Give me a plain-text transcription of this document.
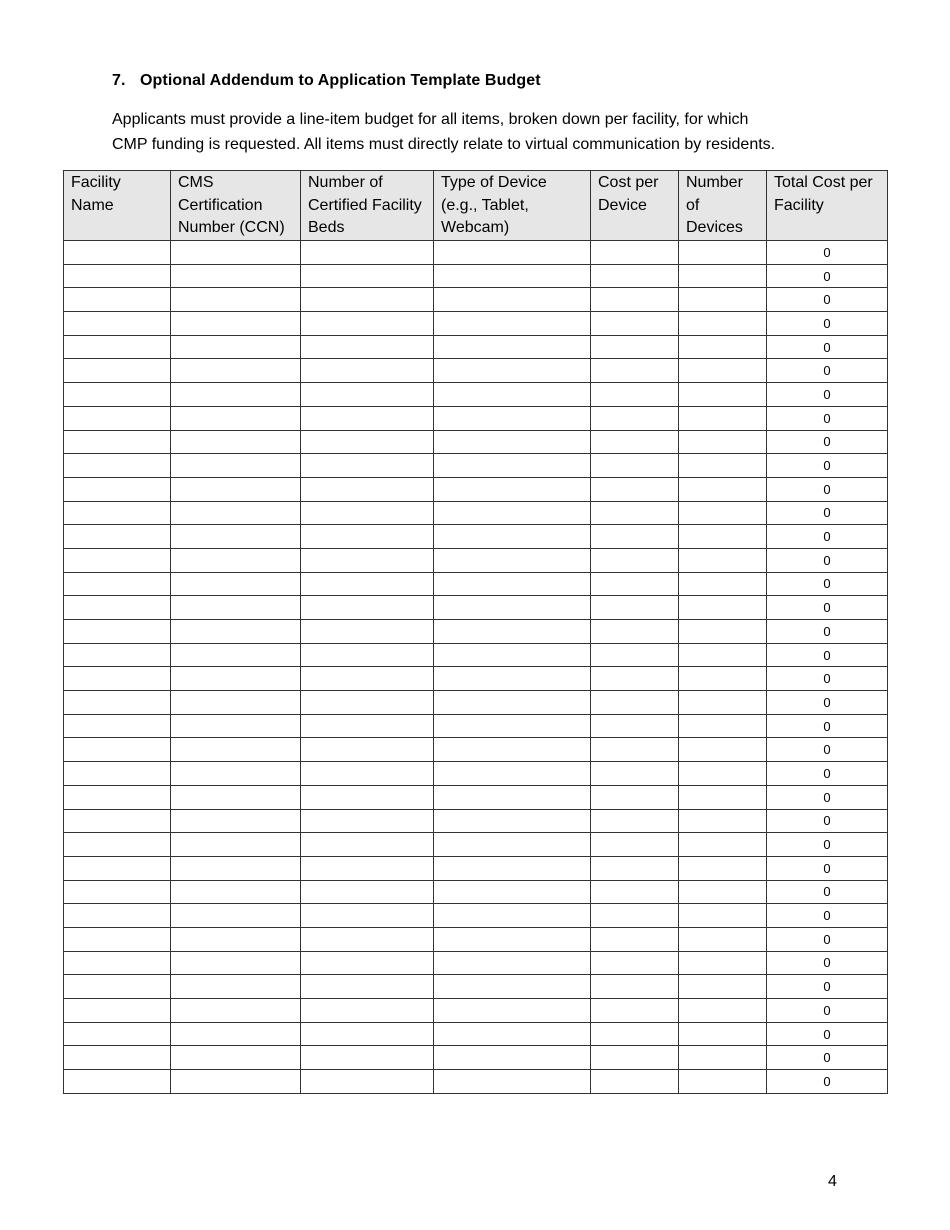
7. Optional Addendum to Application Template Budget
Applicants must provide a line-item budget for all items, broken down per facility, for which
CMP funding is requested. All items must directly relate to virtual communication by residents.
Facility Name	CMS Certification Number (CCN)	Number of Certified Facility Beds	Type of Device (e.g., Tablet, Webcam)	Cost per Device	Number of Devices	Total Cost per Facility
						0
						0
						0
						0
						0
						0
						0
						0
						0
						0
						0
						0
						0
						0
						0
						0
						0
						0
						0
						0
						0
						0
						0
						0
						0
						0
						0
						0
						0
						0
						0
						0
						0
						0
						0
						0
4
